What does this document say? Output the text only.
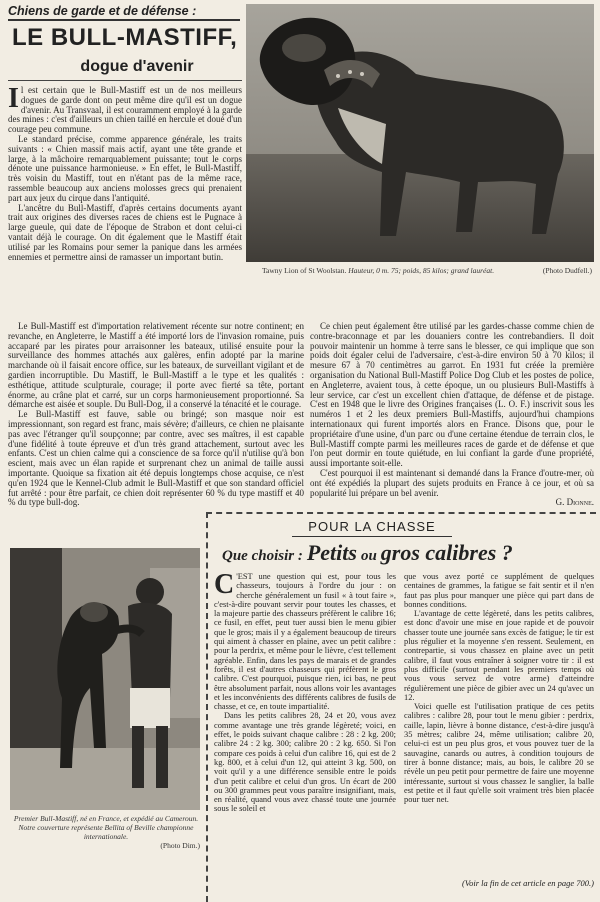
Chiens de garde et de défense :
LE BULL-MASTIFF,
dogue d'avenir
Tawny Lion of St Woolstan. Hauteur, 0 m. 75; poids, 85 kilos; grand lauréat.	(Photo Dudfell.)

Il est certain que le Bull-Mastiff est un de nos meilleurs dogues de garde dont on peut même dire qu'il est un dogue d'avenir. Au Transvaal, il est couramment employé à la garde des mines : c'est d'ailleurs un chien taillé en hercule et doué d'un courage peu commune.

Le standard précise, comme apparence générale, les traits suivants : « Chien massif mais actif, ayant une tête grande et large, à la mâchoire remarquablement puissante; tout le corps dénote une puissance harmonieuse. » En effet, le Bull-Mastiff, très voisin du Mastiff, tout en n'étant pas de la même race, rassemble beaucoup aux anciens molosses grecs qui prenaient part aux jeux du cirque dans l'antiquité.

L'ancêtre du Bull-Mastiff, d'après certains documents ayant trait aux origines des diverses races de chiens est le Pugnace à large gueule, qui date de l'époque de Strabon et dont celui-ci vantait déjà le courage. On dit également que le Mastiff était utilisé par les Romains pour semer la panique dans les armées ennemies et permettre ainsi de ramasser un important butin.

Le Bull-Mastiff est d'importation relativement récente sur notre continent; en revanche, en Angleterre, le Mastiff a été importé lors de l'invasion romaine, puis accaparé par les pirates pour arraisonner les bateaux, utilisé ensuite pour la surveillance des hommes attachés aux galères, enfin adopté par la marine marchande où il faisait encore office, sur les bateaux, de surveillant vigilant et de gardien incorruptible. Du Mastiff, le Bull-Mastiff a le type et les qualités : esthétique, attitude sculpturale, courage; il porte avec fierté sa tête, portant énorme, au crâne plat et carré, sur un corps harmonieusement proportionné. Sa démarche est aisée et souple. Du Bull-Dog, il a conservé la ténacité et le courage.

Le Bull-Mastiff est fauve, sable ou bringé; son masque noir est impressionnant, son regard est franc, mais sévère; d'ailleurs, ce chien ne plaisante pas avec l'étranger qu'il soupçonne; par contre, avec ses maîtres, il est capable d'une fidélité à toute épreuve et d'un très grand attachement, surtout avec les enfants. C'est un chien calme qui a conscience de sa force qu'il n'utilise qu'à bon escient, mais avec un élan rapide et surprenant chez un animal de taille aussi importante. Quoique sa fixation ait été depuis longtemps chose acquise, ce n'est qu'en 1924 que le Kennel-Club admit le Bull-Mastiff et que son standard officiel fut arrêté : pour être parfait, ce chien doit représenter 60 % du type mastiff et 40 % du type bull-dog.

Ce chien peut également être utilisé par les gardes-chasse comme chien de contre-braconnage et par les douaniers contre les contrebandiers. Il doit pouvoir maintenir un homme à terre sans le blesser, ce qui implique que son poids doit égaler celui de l'adversaire, c'est-à-dire environ 50 à 70 kilos; il mesure 67 à 70 centimètres au garrot. En 1931 fut créée la première organisation du National Bull-Mastiff Police Dog Club et les postes de police, en Angleterre, avaient tous, à cette époque, un ou plusieurs Bull-Mastiffs à leur service, car c'est un excellent chien d'attaque, de défense et de pistage. C'est en 1948 que le livre des Origines françaises (L. O. F.) inscrivit sous les numéros 1 et 2 les deux premiers Bull-Mastiffs, aujourd'hui champions internationaux qui furent importés alors en France. Disons que, pour le propriétaire d'une usine, d'un parc ou d'une certaine étendue de terrain clos, le Bull-Mastiff compte parmi les meilleures races de garde et de défense et que l'on peut dormir en toute quiétude, en lui confiant la garde d'une propriété, aussi importante soit-elle.

C'est pourquoi il est maintenant si demandé dans la France d'outre-mer, où ont été expédiés la plupart des sujets produits en France à ce jour, et où sa popularité lui prépare un bel avenir.

G. Dionne.
Premier Bull-Mastiff, né en France, et expédié au Cameroun.
Notre couverture représente Bellita of Beville championne internationale.
(Photo Dim.)
POUR LA CHASSE
Que choisir : Petits ou gros calibres ?

C 'EST une question qui est, pour tous les chasseurs, toujours à l'ordre du jour : on cherche généralement un fusil « à tout faire », c'est-à-dire pouvant servir pour toutes les chasses, et la majeure partie des chasseurs préfèrent le calibre 16; ce fusil, en effet, peut tuer aussi bien le menu gibier que le gros; mais il y a également beaucoup de tireurs qui aiment à chasser en plaine, avec un petit calibre : pour la perdrix, et même pour le lièvre, c'est tellement agréable. Enfin, dans les pays de marais et de grandes forêts, il est d'autres chasseurs qui préfèrent le gros calibre. C'est pourquoi, puisque rien, ici bas, ne peut être absolument parfait, nous allons voir les avantages et les inconvénients des différents calibres de fusils de chasse, et ce, en toute impartialité.

Dans les petits calibres 28, 24 et 20, vous avez comme avantage une très grande légèreté; voici, en effet, le poids suivant chaque calibre : 28 : 2 kg. 200; calibre 24 : 2 kg. 300; calibre 20 : 2 kg. 650. Si l'on compare ces poids à celui d'un calibre 16, qui est de 2 kg. 800, et à celui d'un 12, qui atteint 3 kg. 500, on voit qu'il y a une différence sensible entre le poids d'un petit calibre et celui d'un gros. Un écart de 200 ou 300 grammes peut vous paraître insignifiant, mais, en réalité, quand vous avez chassé toute une journée sous le soleil et

que vous avez porté ce supplément de quelques centaines de grammes, la fatigue se fait sentir et il n'en faut pas plus pour manquer une pièce qui part dans de bonnes conditions.

L'avantage de cette légèreté, dans les petits calibres, est donc d'avoir une mise en joue rapide et de pouvoir chasser toute une journée sans excès de fatigue; le tir est plus régulier et la moyenne s'en ressent. Seulement, en contrepartie, si vous chassez en plaine avec un petit calibre, il faut vous entraîner à soigner votre tir : il est plus difficile (surtout pendant les premiers temps où vous vous servez de votre arme) d'atteindre régulièrement une pièce de gibier avec un 24 qu'avec un 12.

Voici quelle est l'utilisation pratique de ces petits calibres : calibre 28, pour tout le menu gibier : perdrix, caille, lapin, lièvre à bonne distance, c'est-à-dire jusqu'à 35 mètres; calibre 24, même utilisation; calibre 20, celui-ci est un peu plus gros, et vous pouvez tuer de la sauvagine, canards ou autres, à condition toujours de tirer à bonne distance; mais, au bois, le calibre 20 se révèle un peu petit pour permettre de faire une moyenne intéressante, surtout si vous chassez le sanglier, la balle est petite et il faut qu'elle soit vraiment très bien placée pour tuer net.

(Voir la fin de cet article en page 700.)
